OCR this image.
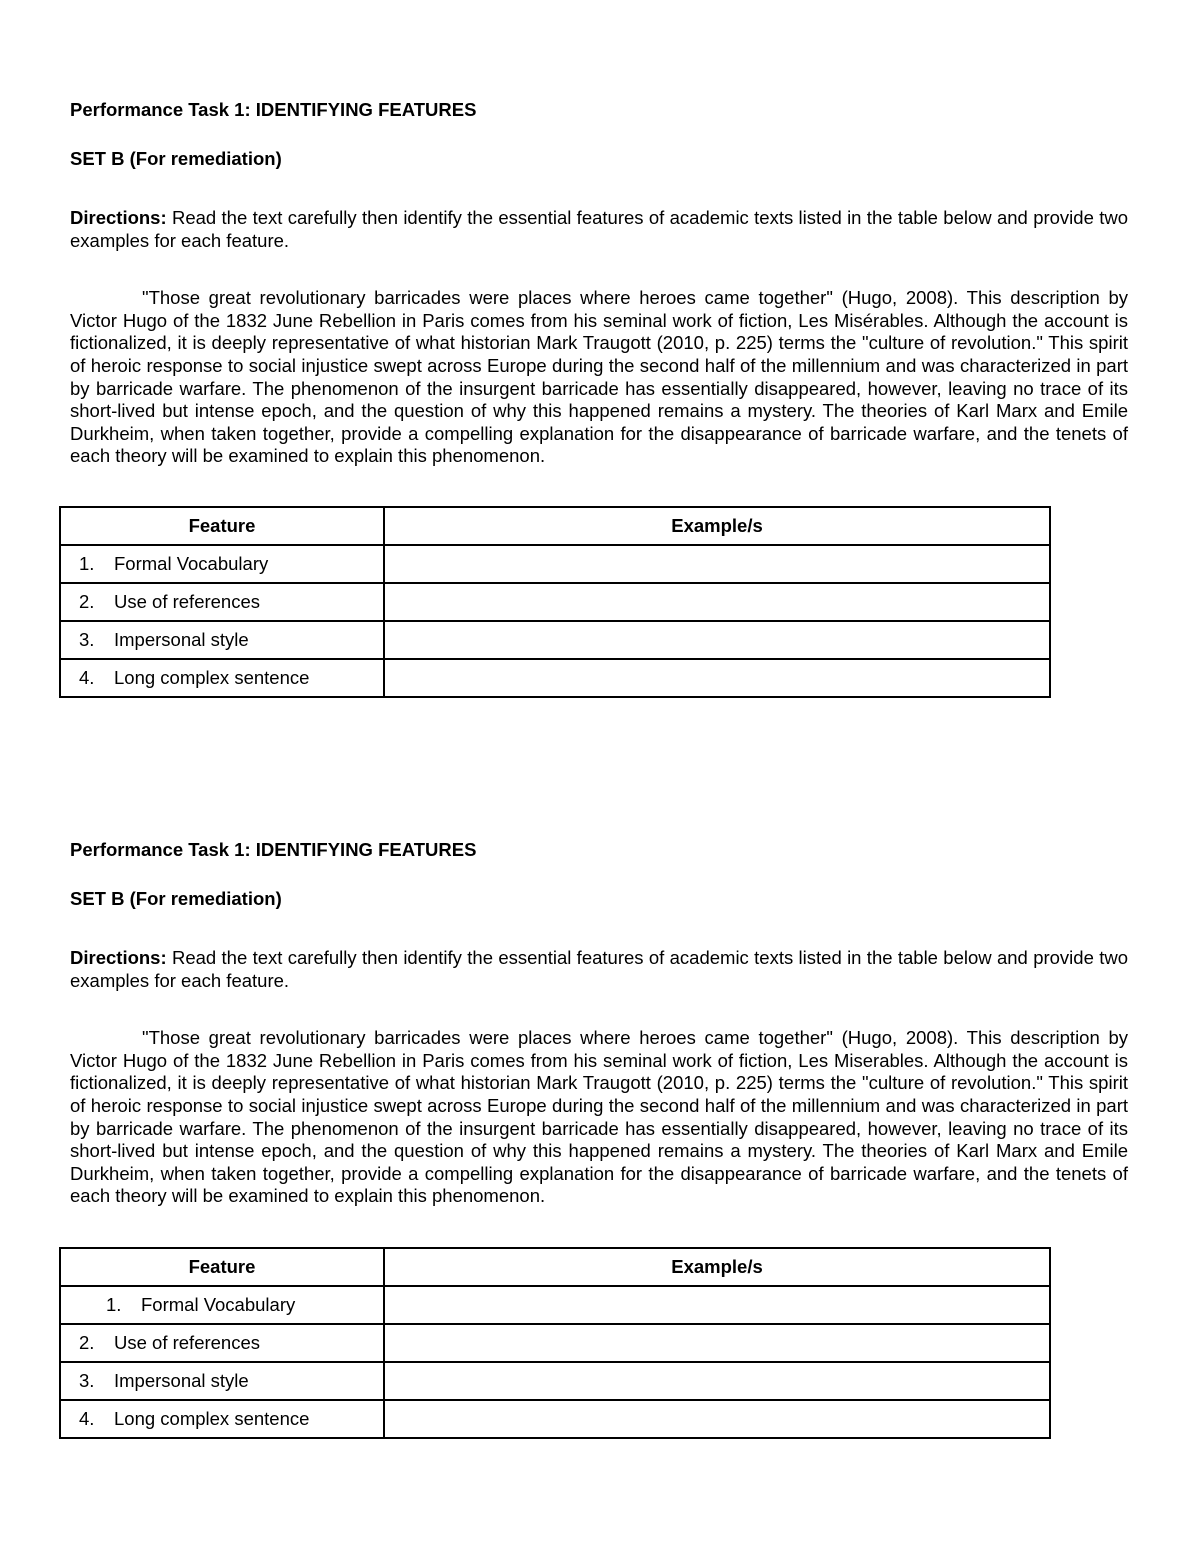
Performance Task 1: IDENTIFYING FEATURES

SET B (For remediation)

Directions: Read the text carefully then identify the essential features of academic texts listed in the table below and provide two examples for each feature.

"Those great revolutionary barricades were places where heroes came together" (Hugo, 2008). This description by Victor Hugo of the 1832 June Rebellion in Paris comes from his seminal work of fiction, Les Misérables. Although the account is fictionalized, it is deeply representative of what historian Mark Traugott (2010, p. 225) terms the "culture of revolution." This spirit of heroic response to social injustice swept across Europe during the second half of the millennium and was characterized in part by barricade warfare. The phenomenon of the insurgent barricade has essentially disappeared, however, leaving no trace of its short-lived but intense epoch, and the question of why this happened remains a mystery. The theories of Karl Marx and Emile Durkheim, when taken together, provide a compelling explanation for the disappearance of barricade warfare, and the tenets of each theory will be examined to explain this phenomenon.

Feature	Example/s
1. Formal Vocabulary	
2. Use of references	
3. Impersonal style	
4. Long complex sentence	

Performance Task 1: IDENTIFYING FEATURES

SET B (For remediation)

Directions: Read the text carefully then identify the essential features of academic texts listed in the table below and provide two examples for each feature.

"Those great revolutionary barricades were places where heroes came together" (Hugo, 2008). This description by Victor Hugo of the 1832 June Rebellion in Paris comes from his seminal work of fiction, Les Miserables. Although the account is fictionalized, it is deeply representative of what historian Mark Traugott (2010, p. 225) terms the "culture of revolution." This spirit of heroic response to social injustice swept across Europe during the second half of the millennium and was characterized in part by barricade warfare. The phenomenon of the insurgent barricade has essentially disappeared, however, leaving no trace of its short-lived but intense epoch, and the question of why this happened remains a mystery. The theories of Karl Marx and Emile Durkheim, when taken together, provide a compelling explanation for the disappearance of barricade warfare, and the tenets of each theory will be examined to explain this phenomenon.

Feature	Example/s
1. Formal Vocabulary	
2. Use of references	
3. Impersonal style	
4. Long complex sentence	
